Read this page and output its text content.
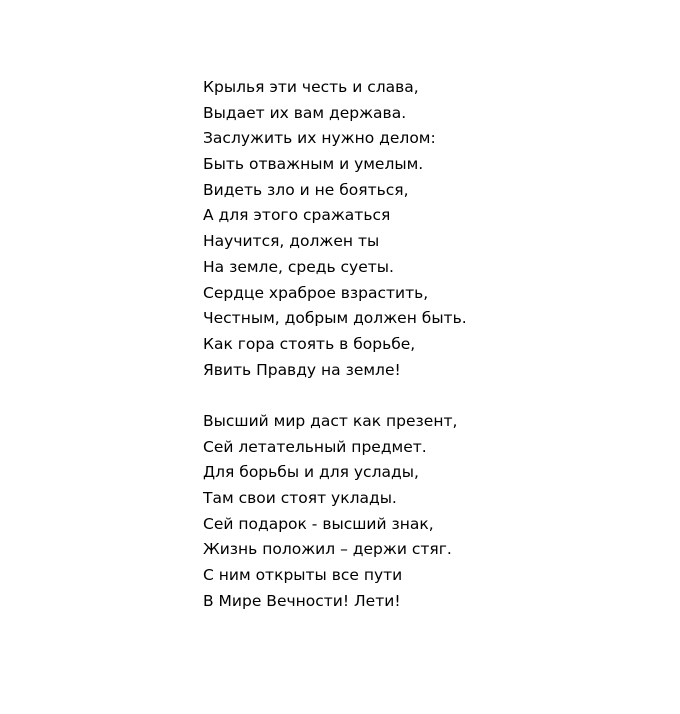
Крылья эти честь и слава,
Выдает их вам держава.
Заслужить их нужно делом:
Быть отважным и умелым.
Видеть зло и не бояться,
А для этого сражаться
Научится, должен ты
На земле, средь суеты.
Сердце храброе взрастить,
Честным, добрым должен быть.
Как гора стоять в борьбе,
Явить Правду на земле!
Высший мир даст как презент,
Сей летательный предмет.
Для борьбы и для услады,
Там свои стоят уклады.
Сей подарок - высший знак,
Жизнь положил – держи стяг.
С ним открыты все пути
В Мире Вечности! Лети!
